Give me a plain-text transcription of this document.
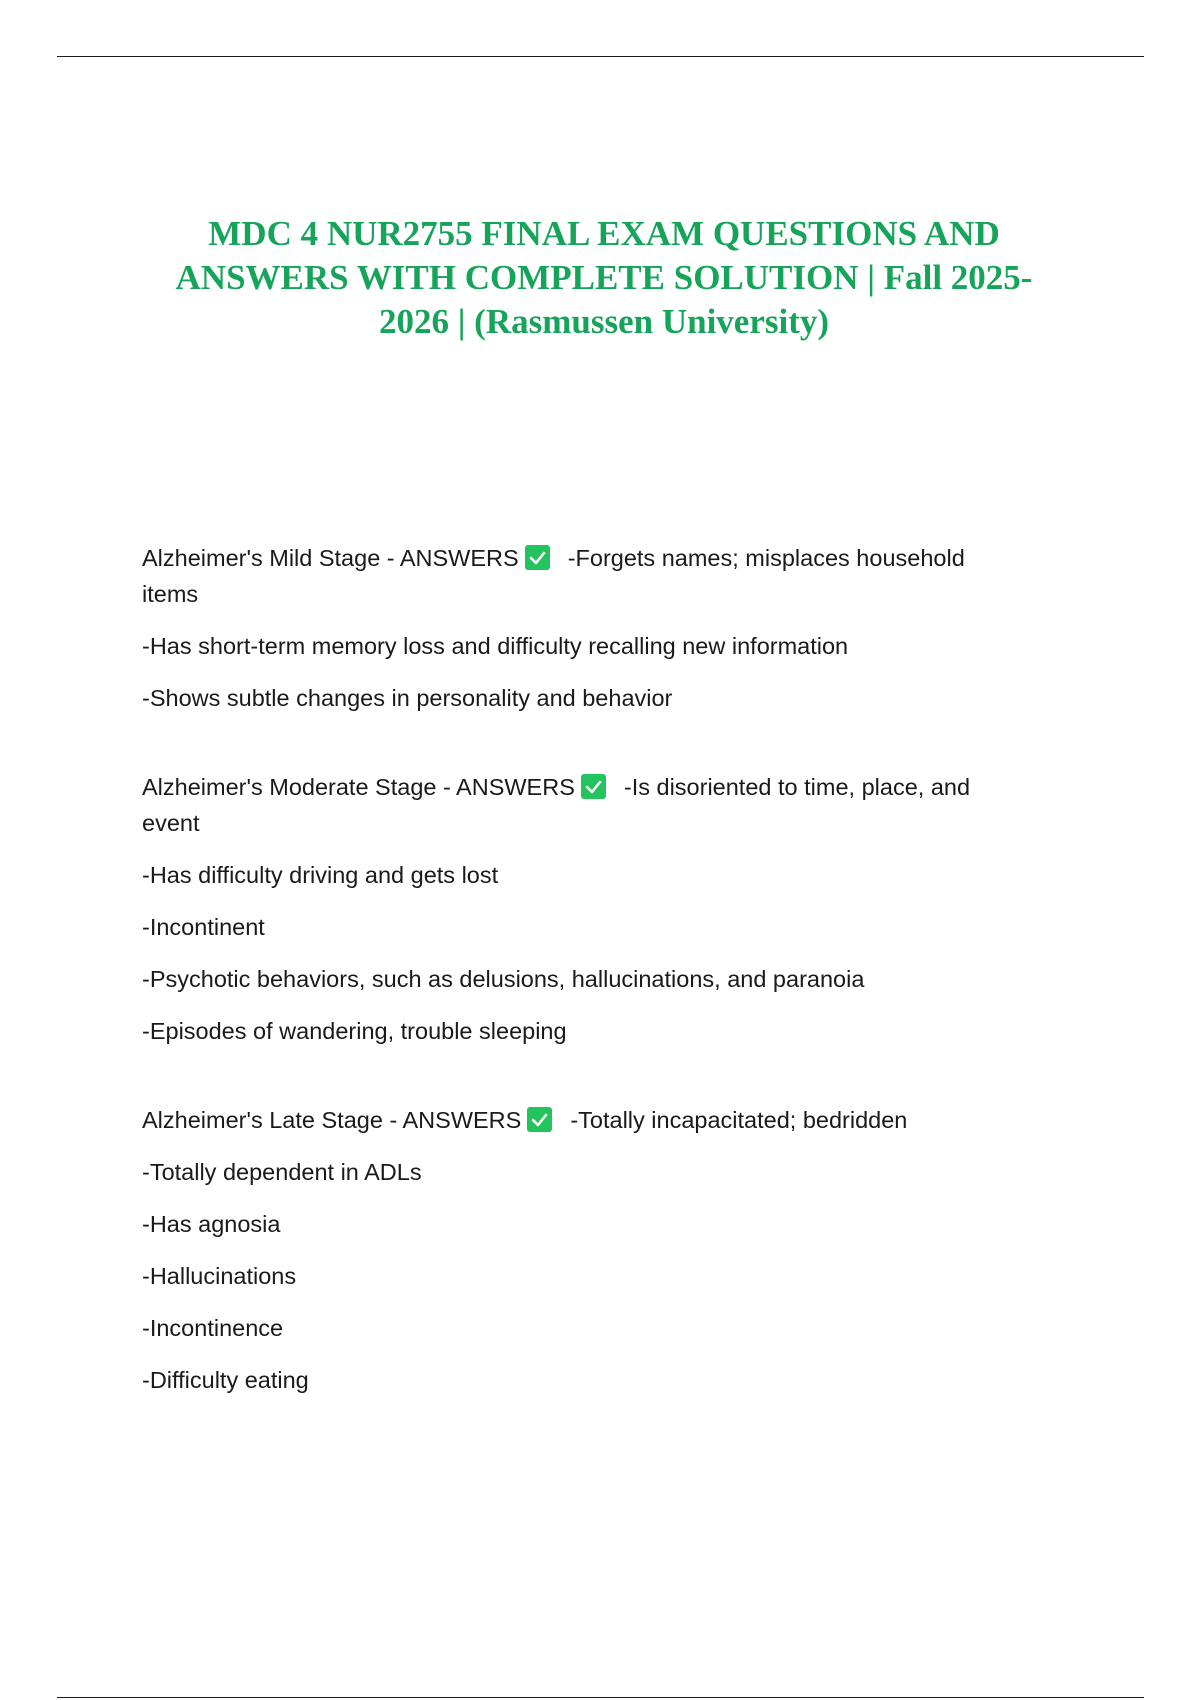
MDC 4 NUR2755 FINAL EXAM QUESTIONS AND
ANSWERS WITH COMPLETE SOLUTION | Fall 2025-
2026 | (Rasmussen University)
Alzheimer's Mild Stage - ANSWERS -Forgets names; misplaces household
items
-Has short-term memory loss and difficulty recalling new information
-Shows subtle changes in personality and behavior
Alzheimer's Moderate Stage - ANSWERS -Is disoriented to time, place, and
event
-Has difficulty driving and gets lost
-Incontinent
-Psychotic behaviors, such as delusions, hallucinations, and paranoia
-Episodes of wandering, trouble sleeping
Alzheimer's Late Stage - ANSWERS -Totally incapacitated; bedridden
-Totally dependent in ADLs
-Has agnosia
-Hallucinations
-Incontinence
-Difficulty eating
